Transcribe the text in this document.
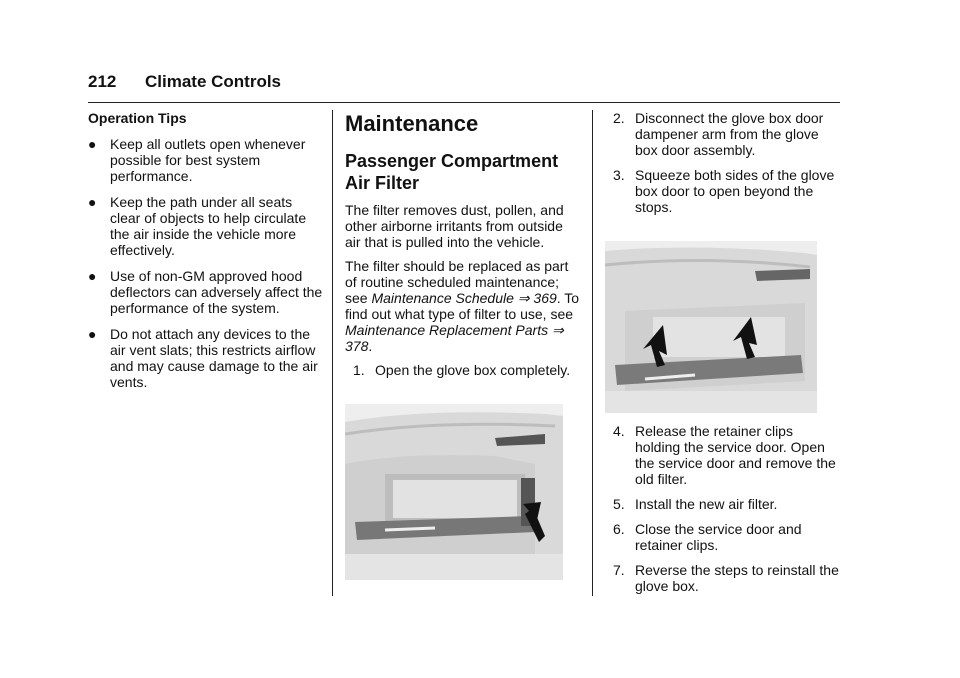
212 Climate Controls
Operation Tips
● Keep all outlets open whenever possible for best system performance.
● Keep the path under all seats clear of objects to help circulate the air inside the vehicle more effectively.
● Use of non-GM approved hood deflectors can adversely affect the performance of the system.
● Do not attach any devices to the air vent slats; this restricts airflow and may cause damage to the air vents.
Maintenance
Passenger Compartment Air Filter

The filter removes dust, pollen, and other airborne irritants from outside air that is pulled into the vehicle.

The filter should be replaced as part of routine scheduled maintenance; see Maintenance Schedule ⇒ 369. To find out what type of filter to use, see Maintenance Replacement Parts ⇒ 378.

1. Open the glove box completely.
2. Disconnect the glove box door dampener arm from the glove box door assembly.
3. Squeeze both sides of the glove box door to open beyond the stops.
4. Release the retainer clips holding the service door. Open the service door and remove the old filter.
5. Install the new air filter.
6. Close the service door and retainer clips.
7. Reverse the steps to reinstall the glove box.
